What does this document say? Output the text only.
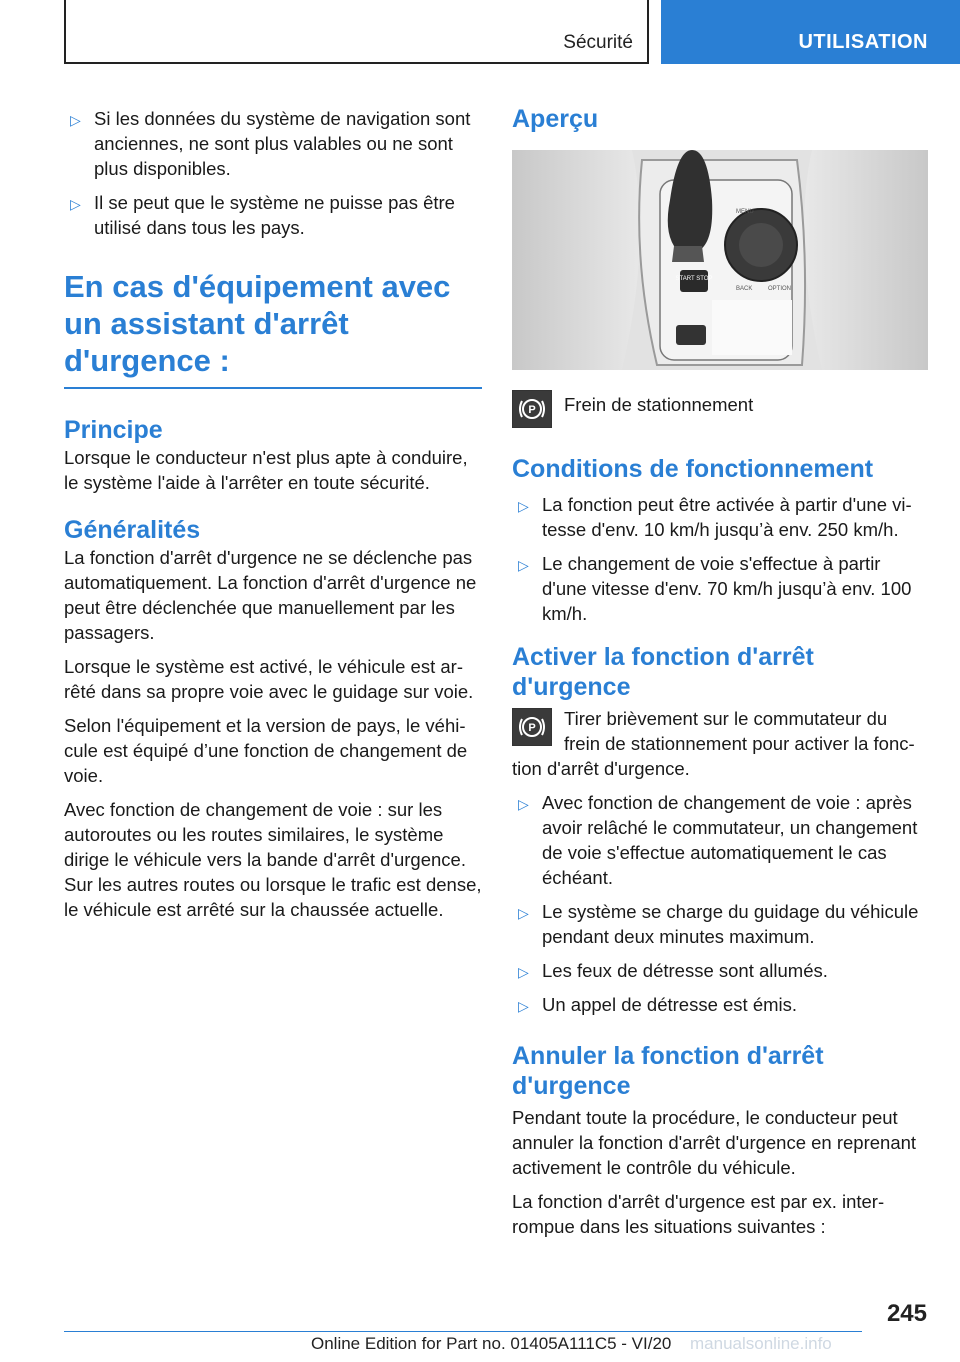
Sécurité	UTILISATION
▷ Si les données du système de navigation sont anciennes, ne sont plus valables ou ne sont plus disponibles.
▷ Il se peut que le système ne puisse pas être utilisé dans tous les pays.
En cas d'équipement avec un assistant d'arrêt d'urgence :
Principe

Lorsque le conducteur n'est plus apte à conduire, le système l'aide à l'arrêter en toute sécurité.

Généralités

La fonction d'arrêt d'urgence ne se déclenche pas automatiquement. La fonction d'arrêt d'urgence ne peut être déclenchée que manuellement par les passagers.

Lorsque le système est activé, le véhicule est arrêté dans sa propre voie avec le guidage sur voie.

Selon l'équipement et la version de pays, le véhicule est équipé d’une fonction de changement de voie.

Avec fonction de changement de voie : sur les autoroutes ou les routes similaires, le système dirige le véhicule vers la bande d'arrêt d'urgence. Sur les autres routes ou lorsque le trafic est dense, le véhicule est arrêté sur la chaussée actuelle.

Aperçu
START STOP
MENU
BACK	OPTION
P	Frein de stationnement

Conditions de fonctionnement
▷ La fonction peut être activée à partir d'une vitesse d'env. 10 km/h jusqu’à env. 250 km/h.
▷ Le changement de voie s'effectue à partir d'une vitesse d'env. 70 km/h jusqu’à env. 100 km/h.
Activer la fonction d'arrêt d'urgence
P	Tirer brièvement sur le commutateur du frein de stationnement pour activer la fonction d'arrêt d'urgence.

▷ Avec fonction de changement de voie : après avoir relâché le commutateur, un changement de voie s'effectue automatiquement le cas échéant.
▷ Le système se charge du guidage du véhicule pendant deux minutes maximum.
▷ Les feux de détresse sont allumés.
▷ Un appel de détresse est émis.
Annuler la fonction d'arrêt d'urgence

Pendant toute la procédure, le conducteur peut annuler la fonction d'arrêt d'urgence en reprenant activement le contrôle du véhicule.

La fonction d'arrêt d'urgence est par ex. interrompue dans les situations suivantes :

245
Online Edition for Part no. 01405A111C5 - VI/20 manualsonline.info
